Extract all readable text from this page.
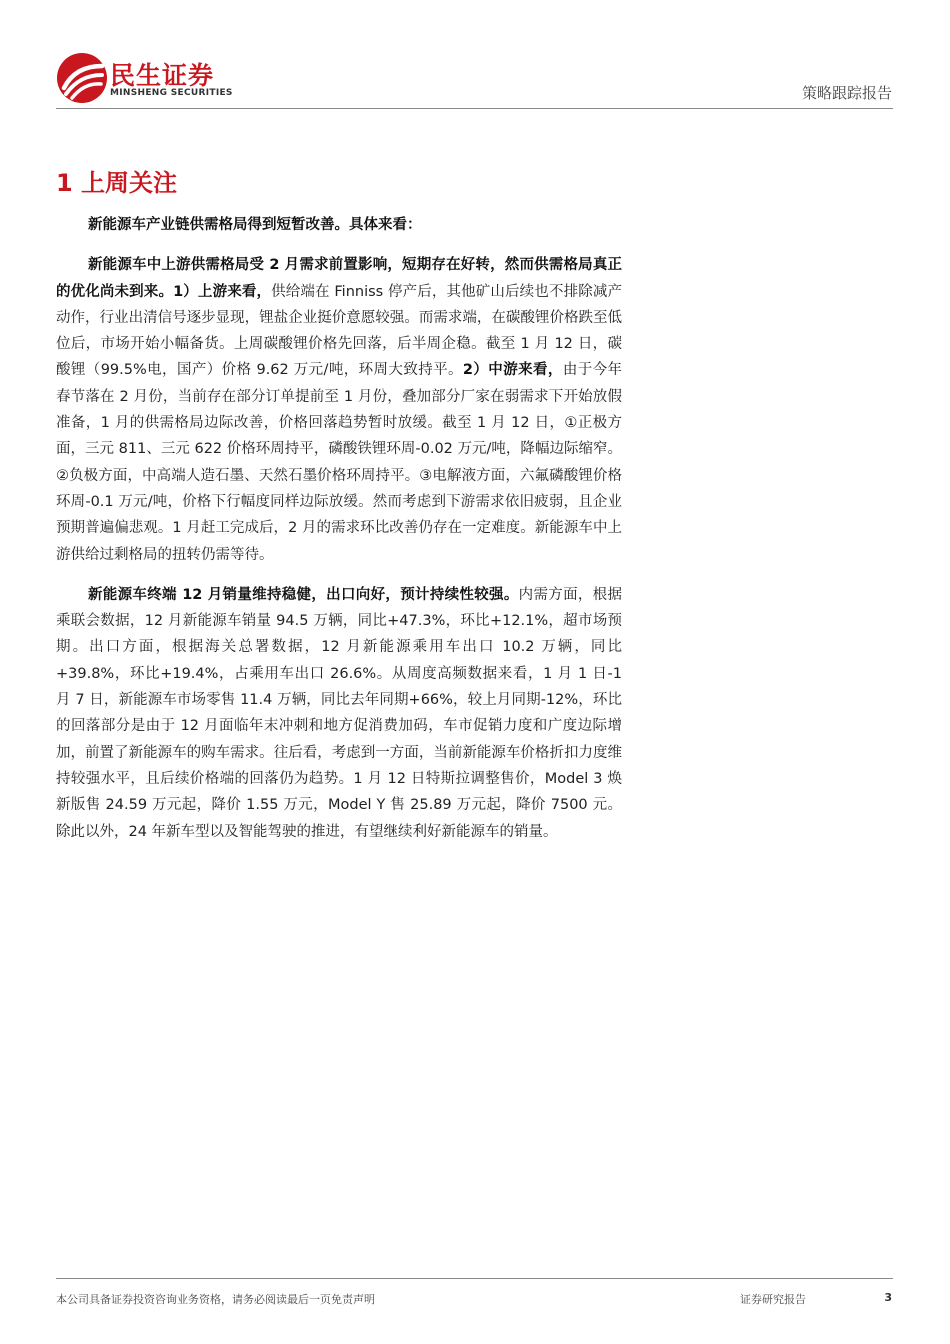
民生证券
MINSHENG SECURITIES	策略跟踪报告
1 上周关注

新能源车产业链供需格局得到短暂改善。具体来看：

新能源车中上游供需格局受 2 月需求前置影响，短期存在好转，然而供需格局真正的优化尚未到来。1）上游来看，供给端在 Finniss 停产后，其他矿山后续也不排除减产动作，行业出清信号逐步显现，锂盐企业挺价意愿较强。而需求端，在碳酸锂价格跌至低位后，市场开始小幅备货。上周碳酸锂价格先回落，后半周企稳。截至 1 月 12 日，碳酸锂（99.5%电，国产）价格 9.62 万元/吨，环周大致持平。2）中游来看，由于今年春节落在 2 月份，当前存在部分订单提前至 1 月份，叠加部分厂家在弱需求下开始放假准备，1 月的供需格局边际改善，价格回落趋势暂时放缓。截至 1 月 12 日，①正极方面，三元 811、三元 622 价格环周持平，磷酸铁锂环周-0.02 万元/吨，降幅边际缩窄。②负极方面，中高端人造石墨、天然石墨价格环周持平。③电解液方面，六氟磷酸锂价格环周-0.1 万元/吨，价格下行幅度同样边际放缓。然而考虑到下游需求依旧疲弱，且企业预期普遍偏悲观。1 月赶工完成后，2 月的需求环比改善仍存在一定难度。新能源车中上游供给过剩格局的扭转仍需等待。

新能源车终端 12 月销量维持稳健，出口向好，预计持续性较强。内需方面，根据乘联会数据，12 月新能源车销量 94.5 万辆，同比+47.3%，环比+12.1%，超市场预期。出口方面，根据海关总署数据，12 月新能源乘用车出口 10.2 万辆，同比+39.8%，环比+19.4%，占乘用车出口 26.6%。从周度高频数据来看，1 月 1 日-1 月 7 日，新能源车市场零售 11.4 万辆，同比去年同期+66%，较上月同期-12%，环比的回落部分是由于 12 月面临年末冲刺和地方促消费加码，车市促销力度和广度边际增加，前置了新能源车的购车需求。往后看，考虑到一方面，当前新能源车价格折扣力度维持较强水平，且后续价格端的回落仍为趋势。1 月 12 日特斯拉调整售价，Model 3 焕新版售 24.59 万元起，降价 1.55 万元，Model Y 售 25.89 万元起，降价 7500 元。除此以外，24 年新车型以及智能驾驶的推进，有望继续利好新能源车的销量。

本公司具备证券投资咨询业务资格，请务必阅读最后一页免责声明	证券研究报告	3
